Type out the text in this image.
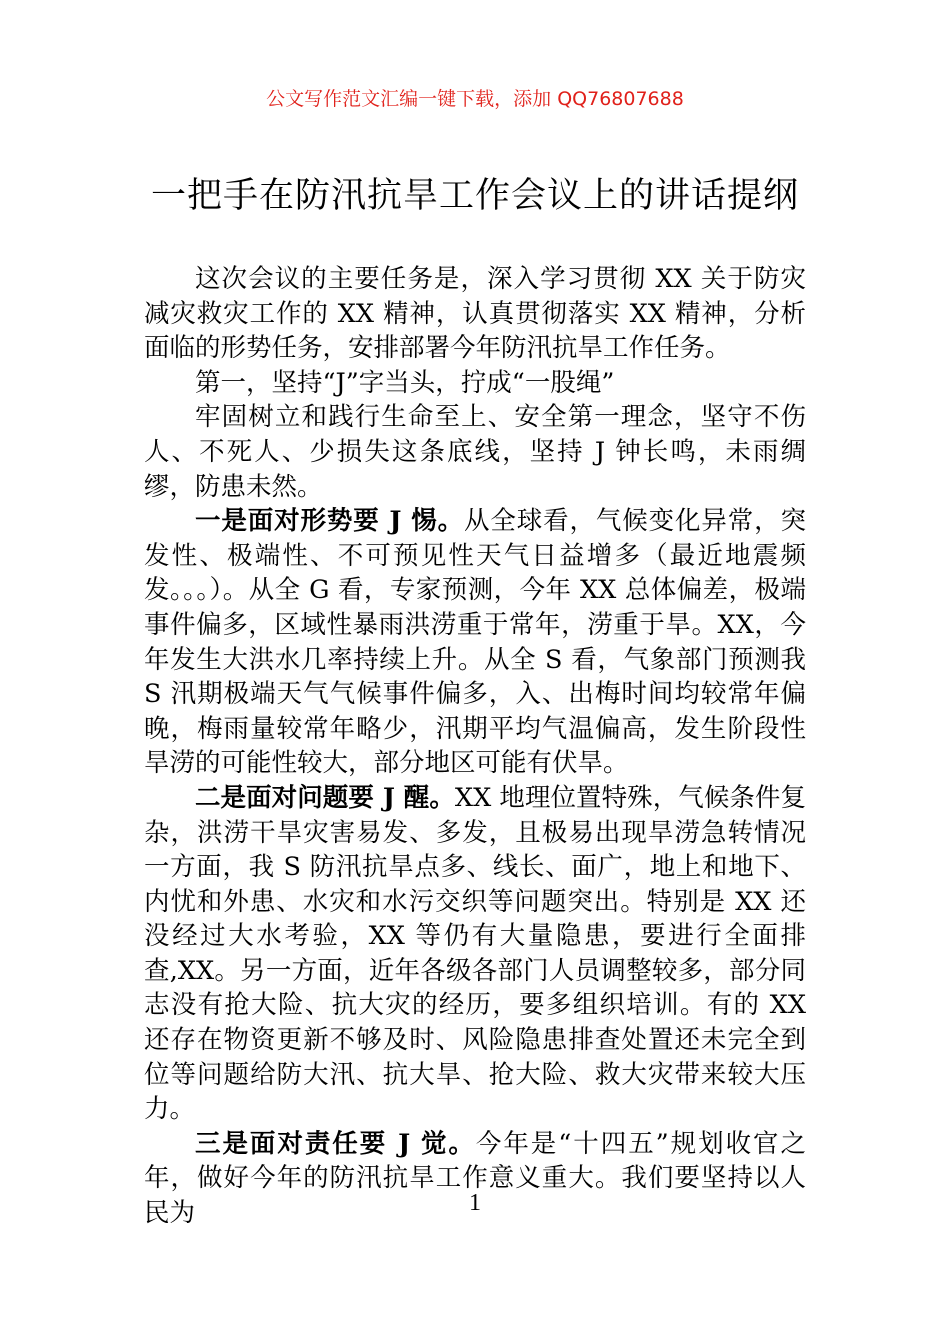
公文写作范文汇编一键下载，添加 QQ76807688
一把手在防汛抗旱工作会议上的讲话提纲

这次会议的主要任务是，深入学习贯彻 XX 关于防灾减灾救灾工作的 XX 精神，认真贯彻落实 XX 精神，分析面临的形势任务，安排部署今年防汛抗旱工作任务。

第一，坚持“J”字当头，拧成“一股绳”

牢固树立和践行生命至上、安全第一理念，坚守不伤人、不死人、少损失这条底线，坚持 J 钟长鸣，未雨绸缪，防患未然。

一是面对形势要 J 惕。从全球看，气候变化异常，突发性、极端性、不可预见性天气日益增多（最近地震频发。。。）。从全 G 看，专家预测，今年 XX 总体偏差，极端事件偏多，区域性暴雨洪涝重于常年，涝重于旱。XX，今年发生大洪水几率持续上升。从全 S 看，气象部门预测我 S 汛期极端天气气候事件偏多，入、出梅时间均较常年偏晚，梅雨量较常年略少，汛期平均气温偏高，发生阶段性旱涝的可能性较大，部分地区可能有伏旱。

二是面对问题要 J 醒。XX 地理位置特殊，气候条件复杂，洪涝干旱灾害易发、多发，且极易出现旱涝急转情况一方面，我 S 防汛抗旱点多、线长、面广，地上和地下、内忧和外患、水灾和水污交织等问题突出。特别是 XX 还没经过大水考验，XX 等仍有大量隐患，要进行全面排查,XX。另一方面，近年各级各部门人员调整较多，部分同志没有抢大险、抗大灾的经历，要多组织培训。有的 XX 还存在物资更新不够及时、风险隐患排查处置还未完全到位等问题给防大汛、抗大旱、抢大险、救大灾带来较大压力。

三是面对责任要 J 觉。今年是“十四五”规划收官之年，做好今年的防汛抗旱工作意义重大。我们要坚持以人民为	1
